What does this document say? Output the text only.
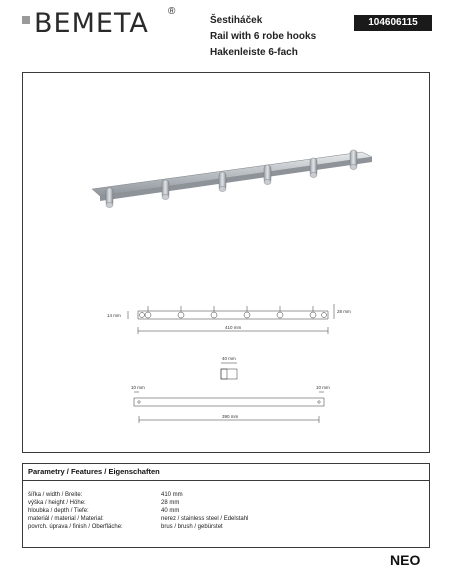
BEMETA ®
Šestiháček
Rail with 6 robe hooks
Hakenleiste 6-fach
104606115
14 mm
28 mm
410 mm
40 mm
10 mm	10 mm
390 mm
Parametry / Features / Eigenschaften
šířka / width / Breite:	410 mm
výška / height / Höhe:	28 mm
hloubka / depth / Tiefe:	40 mm
materiál / material / Material:	nerez / stainless steel / Edelstahl
povrch. úprava / finish / Oberfläche:	brus / brush / gebürstet
NEO
